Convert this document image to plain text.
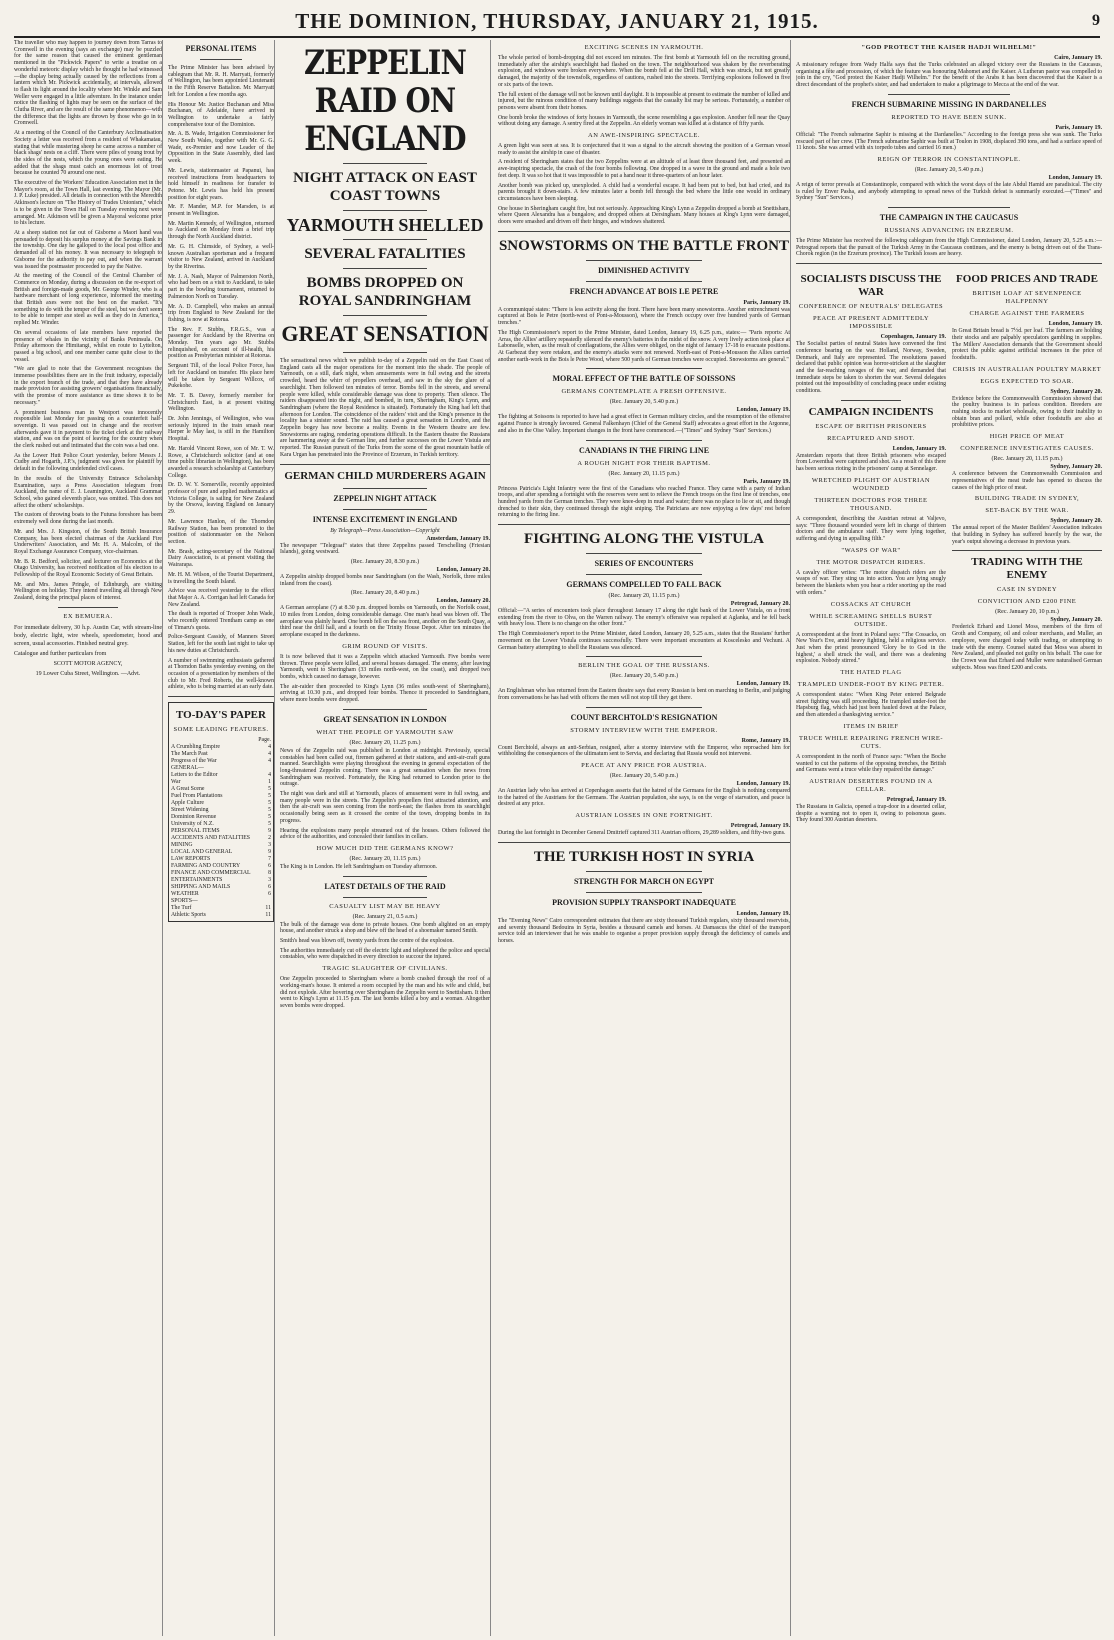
THE DOMINION, THURSDAY, JANUARY 21, 1915.	9

The traveller who may happen to journey down from Tarras to Cromwell in the evening (says an exchange) may be puzzled for the same reason that caused the eminent gentleman mentioned in the "Pickwick Papers" to write a treatise on a wonderful meteoric display which he thought he had witnessed—the display being actually caused by the reflections from a lantern which Mr. Pickwick accidentally, at intervals, allowed to flash its light around the locality where Mr. Winkle and Sam Weller were engaged in a little adventure. In the instance under notice the flashing of lights may be seen on the surface of the Clutha River, and are the result of the same phenomenon—with the difference that the lights are thrown by those who go in to Cromwell.

At a meeting of the Council of the Canterbury Acclimatisation Society a letter was received from a resident of Whakamatau, stating that while mustering sheep he came across a number of black shags' nests on a cliff. There were piles of young trout by the sides of the nests, which the young ones were eating. He added that the shags must catch an enormous lot of trout because he counted 70 around one nest.

The executive of the Workers' Education Association met in the Mayor's room, at the Town Hall, last evening. The Mayor (Mr. J. P. Luke) presided. All details in connection with the Meredith Atkinson's lecture on "The History of Trades Unionism," which is to be given in the Town Hall on Tuesday evening next were arranged. Mr. Atkinson will be given a Mayoral welcome prior to his lecture.

At a sheep station not far out of Gisborne a Maori hand was persuaded to deposit his surplus money at the Savings Bank in the township. One day he galloped to the local post office and demanded all of his money. It was necessary to telegraph to Gisborne for the authority to pay out, and when the warrant was issued the postmaster proceeded to pay the Native.

At the meeting of the Council of the Central Chamber of Commerce on Monday, during a discussion on the re-export of British and foreign-made goods, Mr. George Winder, who is a hardware merchant of long experience, informed the meeting that British axes were not the best on the market. "It's something to do with the temper of the steel, but we don't seem to be able to temper axe steel as well as they do in America," replied Mr. Winder.

On several occasions of late members have reported the presence of whales in the vicinity of Banks Peninsula. On Friday afternoon the Himitangi, whilst en route to Lyttelton, passed a big school, and one member came quite close to the vessel.

"We are glad to note that the Government recognises the immense possibilities there are in the fruit industry, especially in the export branch of the trade, and that they have already made provision for assisting growers' organisations financially, with the promise of more assistance as time shows it to be necessary."

A prominent business man in Westport was innocently responsible last Monday for passing on a counterfeit half-sovereign. It was passed out in change and the receiver afterwards gave it in payment to the ticket clerk at the railway station, and was on the point of leaving for the country when the clerk rushed out and intimated that the coin was a bad one.

As the Lower Hutt Police Court yesterday, before Messrs J. Cudby and Hogarth, J.P.'s, judgment was given for plaintiff by default in the following undefended civil cases.

In the results of the University Entrance Scholarship Examination, says a Press Association telegram from Auckland, the name of E. J. Leamington, Auckland Grammar School, who gained eleventh place, was omitted. This does not affect the others' scholarships.

The custom of throwing boats to the Futuna foreshore has been extremely well done during the last month.

Mr. and Mrs. J. Kingston, of the South British Insurance Company, has been elected chairman of the Auckland Fire Underwriters' Association, and Mr. H. A. Malcolm, of the Royal Exchange Assurance Company, vice-chairman.

Mr. B. R. Bedford, solicitor, and lecturer on Economics at the Otago University, has received notification of his election to a Fellowship of the Royal Economic Society of Great Britain.

Mr. and Mrs. James Pringle, of Edinburgh, are visiting Wellington on holiday. They intend travelling all through New Zealand, doing the principal places of interest.

EX BEMUERA.
For immediate delivery, 30 h.p. Austin Car, with stream-line body, electric light, wire wheels, speedometer, hood and screen, usual accessories. Finished neutral grey.
Catalogue and further particulars from
SCOTT MOTOR AGENCY,
19 Lower Cuba Street, Wellington. —Advt.
PERSONAL ITEMS

The Prime Minister has been advised by cablegram that Mr. R. H. Marryatt, formerly of Wellington, has been appointed Lieutenant in the Fifth Reserve Battalion. Mr. Marryatt left for London a few months ago.

His Honour Mr. Justice Buchanan and Miss Buchanan, of Adelaide, have arrived in Wellington to undertake a fairly comprehensive tour of the Dominion.

Mr. A. B. Wade, Irrigation Commissioner for New South Wales, together with Mr. G. G. Wade, ex-Premier and now Leader of the Opposition in the State Assembly, died last week.

Mr. Lewis, stationmaster at Papanui, has received instructions from headquarters to hold himself in readiness for transfer to Petone. Mr. Lewis has held his present position for eight years.

Mr. F. Mander, M.P. for Marsden, is at present in Wellington.

Mr. Martin Kennedy, of Wellington, returned to Auckland on Monday from a brief trip through the North Auckland district.

Mr. G. H. Chirnside, of Sydney, a well-known Australian sportsman and a frequent visitor to New Zealand, arrived in Auckland by the Riverina.

Mr. J. A. Nash, Mayor of Palmerston North, who had been on a visit to Auckland, to take part in the bowling tournament, returned to Palmerston North on Tuesday.

Mr. A. D. Campbell, who makes an annual trip from England to New Zealand for the fishing, is now at Rotorua.

The Rev. F. Stubbs, F.R.G.S., was a passenger for Auckland by the Riverina on Monday. Ten years ago Mr. Stubbs relinquished, on account of ill-health, his position as Presbyterian minister at Rotorua.

Sergeant Till, of the local Police Force, has left for Auckland on transfer. His place here will be taken by Sergeant Willcox, of Pukekohe.

Mr. T. B. Davey, formerly member for Christchurch East, is at present visiting Wellington.

Dr. John Jennings, of Wellington, who was seriously injured in the train smash near Harper le May last, is still in the Hamilton Hospital.

Mr. Harold Vincent Rowe, son of Mr. T. W. Rowe, a Christchurch solicitor (and at one time public librarian in Wellington), has been awarded a research scholarship at Canterbury College.

Dr. D. W. Y. Somerville, recently appointed professor of pure and applied mathematics at Victoria College, is sailing for New Zealand by the Orsova, leaving England on January 29.

Mr. Lawrence Hanlon, of the Thorndon Railway Station, has been promoted to the position of stationmaster on the Nelson section.

Mr. Brash, acting-secretary of the National Dairy Association, is at present visiting the Wairarapa.

Mr. H. M. Wilson, of the Tourist Department, is travelling the South Island.

Advice was received yesterday to the effect that Major A. A. Corrigan had left Canada for New Zealand.

The death is reported of Trooper John Wade, who recently entered Trentham camp as one of Timaru's quota.

Police-Sergeant Cassidy, of Manners Street Station, left for the south last night to take up his new duties at Christchurch.

A number of swimming enthusiasts gathered at Thorndon Baths yesterday evening, on the occasion of a presentation by members of the club to Mr. Fred Roberts, the well-known athlete, who is being married at an early date.

TO-DAY'S PAPER
SOME LEADING FEATURES.
Page.
A Crumbling Empire	4
The March Past	4
Progress of the War	4
GENERAL—
Letters to the Editor	4
War	1
A Great Scene	5
Fuel From Plantations	5
Apple Culture	5
Street Widening	5
Dominion Revenue	5
University of N.Z.	5
PERSONAL ITEMS	9
ACCIDENTS AND FATALITIES	2
MINING	3
LOCAL AND GENERAL	9
LAW REPORTS	7
FARMING AND COUNTRY	6
FINANCE AND COMMERCIAL	8
ENTERTAINMENTS	3
SHIPPING AND MAILS	6
WEATHER	6
SPORTS—
The Turf	11
Athletic Sports	11
ZEPPELIN RAID ON ENGLAND
NIGHT ATTACK ON EAST COAST TOWNS
YARMOUTH SHELLED
SEVERAL FATALITIES
BOMBS DROPPED ON ROYAL SANDRINGHAM
GREAT SENSATION

The sensational news which we publish to-day of a Zeppelin raid on the East Coast of England casts all the major operations for the moment into the shade. The people of Yarmouth, on a still, dark night, when amusements were in full swing and the streets crowded, heard the whirr of propellers overhead, and saw in the sky the glare of a searchlight. Then followed ten minutes of terror. Bombs fell in the streets, and several people were killed, while considerable damage was done to property. Then silence. The raiders disappeared into the night, and bombed, in turn, Sheringham, King's Lynn, and Sandringham (where the Royal Residence is situated). Fortunately the King had left that afternoon for London. The coincidence of the raiders' visit and the King's presence in the locality has a sinister sound. The raid has caused a great sensation in London, and the Zeppelin bogey has now become a reality. Events in the Western theatre are few. Snowstorms are raging, rendering operations difficult. In the Eastern theatre the Russians are hammering away at the German line, and further successes on the Lower Vistula are reported. The Russian pursuit of the Turks from the scene of the great mountain battle of Kara Urgan has penetrated into the Province of Erzerum, in Turkish territory.

GERMAN CHILD MURDERERS AGAIN
ZEPPELIN NIGHT ATTACK
INTENSE EXCITEMENT IN ENGLAND
By Telegraph—Press Association—Copyright
Amsterdam, January 19.

The newspaper "Telegraaf" states that three Zeppelins passed Terschelling (Friesian Islands), going westward.

(Rec. January 20, 8.30 p.m.)
London, January 20.

A Zeppelin airship dropped bombs near Sandringham (on the Wash, Norfolk, three miles inland from the coast).

(Rec. January 20, 8.40 p.m.)
London, January 20.

A German aeroplane (?) at 8.30 p.m. dropped bombs on Yarmouth, on the Norfolk coast, 10 miles from London, doing considerable damage. One man's head was blown off. The aeroplane was plainly heard. One bomb fell on the sea front, another on the South Quay, a third near the drill hall, and a fourth on the Trinity House Depot. After ten minutes the aeroplane escaped in the darkness.

GRIM ROUND OF VISITS.

It is now believed that it was a Zeppelin which attacked Yarmouth. Five bombs were thrown. Three people were killed, and several houses damaged. The enemy, after leaving Yarmouth, went to Sheringham (33 miles north-west, on the coast), and dropped two bombs, which caused no damage, however.

The air-raider then proceeded to King's Lynn (36 miles south-west of Sheringham), arriving at 10.30 p.m., and dropped four bombs. Thence it proceeded to Sandringham, where more bombs were dropped.

GREAT SENSATION IN LONDON
WHAT THE PEOPLE OF YARMOUTH SAW
(Rec. January 20, 11.25 p.m.)

News of the Zeppelin raid was published in London at midnight. Previously, special constables had been called out, firemen gathered at their stations, and anti-air-craft guns manned. Searchlights were playing throughout the evening in general expectation of the long-threatened Zeppelin coming. There was a great sensation when the news from Sandringham was received. Fortunately, the King had returned to London prior to the outrage.

The night was dark and still at Yarmouth, places of amusement were in full swing, and many people were in the streets. The Zeppelin's propellers first attracted attention, and then the air-craft was seen coming from the north-east; the flashes from its searchlight occasionally being seen as it crossed the centre of the town, dropping bombs in its progress.

Hearing the explosions many people streamed out of the houses. Others followed the advice of the authorities, and concealed their families in cellars.

HOW MUCH DID THE GERMANS KNOW?
(Rec. January 20, 11.15 p.m.)

The King is in London. He left Sandringham on Tuesday afternoon.

LATEST DETAILS OF THE RAID
CASUALTY LIST MAY BE HEAVY
(Rec. January 21, 0.5 a.m.)

The bulk of the damage was done to private houses. One bomb alighted on an empty house, and another struck a shop and blew off the head of a shoemaker named Smith.

Smith's head was blown off, twenty yards from the centre of the explosion.

The authorities immediately cut off the electric light and telephoned the police and special constables, who were dispatched in every direction to succour the injured.

TRAGIC SLAUGHTER OF CIVILIANS.

One Zeppelin proceeded to Sheringham where a bomb crashed through the roof of a working-man's house. It entered a room occupied by the man and his wife and child, but did not explode. After hovering over Sheringham the Zeppelin went to Snettisham. It then went to King's Lynn at 11.15 p.m. The last bombs killed a boy and a woman. Altogether seven bombs were dropped.

EXCITING SCENES IN YARMOUTH.

The whole period of bomb-dropping did not exceed ten minutes. The first bomb at Yarmouth fell on the recruiting ground, immediately after the airship's searchlight had flashed on the town. The neighbourhood was shaken by the reverberating explosion, and windows were broken everywhere. When the bomb fell at the Drill Hall, which was struck, but not greatly damaged, the majority of the townsfolk, regardless of cautions, rushed into the streets. Terrifying explosions followed in five or six parts of the town.

The full extent of the damage will not be known until daylight. It is impossible at present to estimate the number of killed and injured, but the ruinous condition of many buildings suggests that the casualty list may be serious. Fortunately, a number of persons were absent from their homes.

One bomb broke the windows of forty houses in Yarmouth, the scene resembling a gas explosion. Another fell near the Quay without doing any damage. A sentry fired at the Zeppelin. An elderly woman was killed at a distance of fifty yards.

AN AWE-INSPIRING SPECTACLE.

A green light was seen at sea. It is conjectured that it was a signal to the aircraft showing the position of a German vessel ready to assist the airship in case of disaster.

A resident of Sheringham states that the two Zeppelins were at an altitude of at least three thousand feet, and presented an awe-inspiring spectacle, the crash of the four bombs following. One dropped in a wave in the ground and made a hole two feet deep. It was so hot that it was impossible to put a hand near it three-quarters of an hour later.

Another bomb was picked up, unexploded. A child had a wonderful escape. It had been put to bed, but had cried, and its parents brought it down-stairs. A few minutes later a bomb fell through the bed where the little one would in ordinary circumstances have been sleeping.

One house in Sheringham caught fire, but not seriously. Approaching King's Lynn a Zeppelin dropped a bomb at Snettisham, where Queen Alexandra has a bungalow, and dropped others at Dersingham. Many houses at King's Lynn were damaged, doors were smashed and driven off their hinges, and windows shattered.

SNOWSTORMS ON THE BATTLE FRONT
DIMINISHED ACTIVITY
FRENCH ADVANCE AT BOIS LE PETRE
Paris, January 19.

A communiqué states: "There is less activity along the front. There have been many snowstorms. Another entrenchment was captured at Bois le Petre (north-west of Pont-a-Mousson), where the French occupy over five hundred yards of German trenches."

The High Commissioner's report to the Prime Minister, dated London, January 19, 6.25 p.m., states:— "Paris reports: At Arras, the Allies' artillery repeatedly silenced the enemy's batteries in the midst of the snow. A very lively action took place at Labonselle, when, as the result of conflagrations, the Allies were obliged, on the night of January 17-18 to evacuate positions. At Garbezat they were retaken, and the enemy's attacks were not renewed. North-east of Pont-a-Mousson the Allies carried another earth-work in the Bois le Petre Wood, where 500 yards of German trenches were occupied. Snowstorms are general."

MORAL EFFECT OF THE BATTLE OF SOISSONS
GERMANS CONTEMPLATE A FRESH OFFENSIVE.
(Rec. January 20, 5.40 p.m.)
London, January 19.

The fighting at Soissons is reported to have had a great effect in German military circles, and the resumption of the offensive against France is strongly favoured. General Falkenhayn (Chief of the General Staff) advocates a great effort in the Argonne, and also in the Oise Valley. Important changes in the front have commenced.—("Times" and Sydney "Sun" Services.)

CANADIANS IN THE FIRING LINE
A ROUGH NIGHT FOR THEIR BAPTISM.
(Rec. January 20, 11.15 p.m.)
Paris, January 19.

Princess Patricia's Light Infantry were the first of the Canadians who reached France. They came with a party of Indian troops, and after spending a fortnight with the reserves were sent to relieve the French troops on the first line of trenches, one hundred yards from the German trenches. They were knee-deep in mud and water; there was no place to lie or sit, and though drenched to their skin, they continued through the night sniping. The Patricians are now enjoying a few days' rest before returning to the firing line.

FIGHTING ALONG THE VISTULA
SERIES OF ENCOUNTERS
GERMANS COMPELLED TO FALL BACK
(Rec. January 20, 11.15 p.m.)
Petrograd, January 20.

Official:—"A series of encounters took place throughout January 17 along the right bank of the Lower Vistula, on a front extending from the river to Olva, on the Warren railway. The enemy's offensive was repulsed at Aglanka, and he fell back with heavy loss. There is no change on the other front."

The High Commissioner's report to the Prime Minister, dated London, January 20, 5.25 a.m., states that the Russians' further movement on the Lower Vistula continues successfully. There were important encounters at Koscelesko and Vechuni. A German battery attempting to shell the Russians was silenced.

BERLIN THE GOAL OF THE RUSSIANS.
(Rec. January 20, 5.40 p.m.)
London, January 19.

An Englishman who has returned from the Eastern theatre says that every Russian is bent on marching to Berlin, and judging from conversations he has had with officers the men will not stop till they get there.

COUNT BERCHTOLD'S RESIGNATION
STORMY INTERVIEW WITH THE EMPEROR.
Rome, January 19.

Count Berchtold, always an anti-Serbian, resigned, after a stormy interview with the Emperor, who reproached him for withholding the consequences of the ultimatum sent to Servia, and declaring that Russia would not intervene.

PEACE AT ANY PRICE FOR AUSTRIA.
(Rec. January 20, 5.40 p.m.)
London, January 19.

An Austrian lady who has arrived at Copenhagen asserts that the hatred of the Germans for the English is nothing compared to the hatred of the Austrians for the Germans. The Austrian population, she says, is on the verge of starvation, and peace is desired at any price.

AUSTRIAN LOSSES IN ONE FORTNIGHT.
Petrograd, January 19.

During the last fortnight in December General Dmitrieff captured 311 Austrian officers, 29,289 soldiers, and fifty-two guns.

THE TURKISH HOST IN SYRIA
STRENGTH FOR MARCH ON EGYPT
PROVISION SUPPLY TRANSPORT INADEQUATE
London, January 19.

The "Evening News" Cairo correspondent estimates that there are sixty thousand Turkish regulars, sixty thousand reservists, and seventy thousand Bedouins in Syria, besides a thousand camels and horses. At Damascus the chief of the transport service told an interviewer that he was unable to organise a proper provision supply through the deficiency of camels and horses.

"GOD PROTECT THE KAISER HADJI WILHELM!"
Cairo, January 19.

A missionary refugee from Wady Halfa says that the Turks celebrated an alleged victory over the Russians in the Caucasus, organising a fête and procession, of which the feature was honouring Mahomet and the Kaiser. A Lutheran pastor was compelled to join in the cry, "God protect the Kaiser Hadji Wilhelm." For the benefit of the Arabs it has been discovered that the Kaiser is a direct descendant of the prophet's sister, and had undertaken to make a pilgrimage to Mecca at the end of the war.

FRENCH SUBMARINE MISSING IN DARDANELLES
REPORTED TO HAVE BEEN SUNK.
Paris, January 19.

Official: "The French submarine Saphir is missing at the Dardanelles." According to the foreign press she was sunk. The Turks rescued part of her crew. (The French submarine Saphir was built at Toulon in 1908, displaced 390 tons, and had a surface speed of 11 knots. She was armed with six torpedo tubes and carried 16 men.)

REIGN OF TERROR IN CONSTANTINOPLE.
(Rec. January 20, 5.40 p.m.)
London, January 19.

A reign of terror prevails at Constantinople, compared with which the worst days of the late Abdul Hamid are paradisical. The city is ruled by Enver Pasha, and anybody attempting to spread news of the Turkish defeat is summarily executed.—("Times" and Sydney "Sun" Services.)

THE CAMPAIGN IN THE CAUCASUS
RUSSIANS ADVANCING IN ERZERUM.

The Prime Minister has received the following cablegram from the High Commissioner, dated London, January 20, 5.25 a.m.:— Petrograd reports that the pursuit of the Turkish Army in the Caucasus continues, and the enemy is being driven out of the Trans-Chorok region (in the Erzerum province). The Turkish losses are heavy.

SOCIALISTS DISCUSS THE WAR
CONFERENCE OF NEUTRALS' DELEGATES
PEACE AT PRESENT ADMITTEDLY IMPOSSIBLE
Copenhagen, January 19.

The Socialist parties of neutral States have convened the first conference bearing on the war. Holland, Norway, Sweden, Denmark, and Italy are represented. The resolutions passed declared that public opinion was horror-stricken at the slaughter and the far-reaching ravages of the war, and demanded that immediate steps be taken to shorten the war. Several delegates pointed out the impossibility of concluding peace under existing conditions.

CAMPAIGN INCIDENTS
ESCAPE OF BRITISH PRISONERS
RECAPTURED AND SHOT.
London, January 19.

Amsterdam reports that three British prisoners who escaped from Lowenthal were captured and shot. As a result of this there has been serious rioting in the prisoners' camp at Sennelager.

WRETCHED PLIGHT OF AUSTRIAN WOUNDED
THIRTEEN DOCTORS FOR THREE THOUSAND.

A correspondent, describing the Austrian retreat at Valjevo, says: "Three thousand wounded were left in charge of thirteen doctors and the ambulance staff. They were lying together, suffering and dying in appalling filth."

"WASPS OF WAR"
THE MOTOR DISPATCH RIDERS.

A cavalry officer writes: "The motor dispatch riders are the wasps of war. They sting us into action. You are lying snugly between the blankets when you hear a rider snorting up the road with orders."

COSSACKS AT CHURCH
WHILE SCREAMING SHELLS BURST OUTSIDE.

A correspondent at the front in Poland says: "The Cossacks, on New Year's Eve, amid heavy fighting, held a religious service. Just when the priest pronounced 'Glory be to God in the highest,' a shell struck the wall, and there was a deafening explosion. Nobody stirred."

THE HATED FLAG
TRAMPLED UNDER-FOOT BY KING PETER.

A correspondent states: "When King Peter entered Belgrade street fighting was still proceeding. He trampled under-foot the Hapsburg flag, which had just been hauled down at the Palace, and then attended a thanksgiving service."

ITEMS IN BRIEF
TRUCE WHILE REPAIRING FRENCH WIRE-CUTS.

A correspondent in the north of France says: "When the Boche wanted to cut the patterns of the opposing trenches, the British and Germans went a truce while they repaired the damage."

AUSTRIAN DESERTERS FOUND IN A CELLAR.
Petrograd, January 19.

The Russians in Galicia, opened a trap-door in a deserted cellar, despite a warning not to open it, owing to poisonous gases. They found 300 Austrian deserters.

FOOD PRICES AND TRADE
BRITISH LOAF AT SEVENPENCE HALFPENNY
CHARGE AGAINST THE FARMERS
London, January 19.

In Great Britain bread is 7½d. per loaf. The farmers are holding their stocks and are palpably speculators gambling in supplies. The Millers' Association demands that the Government should protect the public against artificial increases in the price of foodstuffs.

CRISIS IN AUSTRALIAN POULTRY MARKET
EGGS EXPECTED TO SOAR.
Sydney, January 20.

Evidence before the Commonwealth Commission showed that the poultry business is in parlous condition. Breeders are rushing stocks to market wholesale, owing to their inability to obtain bran and pollard, while other foodstuffs are also at prohibitive prices.

HIGH PRICE OF MEAT
CONFERENCE INVESTIGATES CAUSES.
(Rec. January 20, 11.15 p.m.)
Sydney, January 20.

A conference between the Commonwealth Commission and representatives of the meat trade has opened to discuss the causes of the high price of meat.

BUILDING TRADE IN SYDNEY,
SET-BACK BY THE WAR.
Sydney, January 20.

The annual report of the Master Builders' Association indicates that building in Sydney has suffered heavily by the war, the year's output showing a decrease in previous years.

TRADING WITH THE ENEMY
CASE IN SYDNEY
CONVICTION AND £200 FINE
(Rec. January 20, 10 p.m.)
Sydney, January 20.

Frederick Erhard and Lionel Moss, members of the firm of Groth and Company, oil and colour merchants, and Muller, an employee, were charged today with trading, or attempting to trade with the enemy. Counsel stated that Moss was absent in New Zealand, and pleaded not guilty on his behalf. The case for the Crown was that Erhard and Muller were naturalised German subjects. Moss was fined £200 and costs.
